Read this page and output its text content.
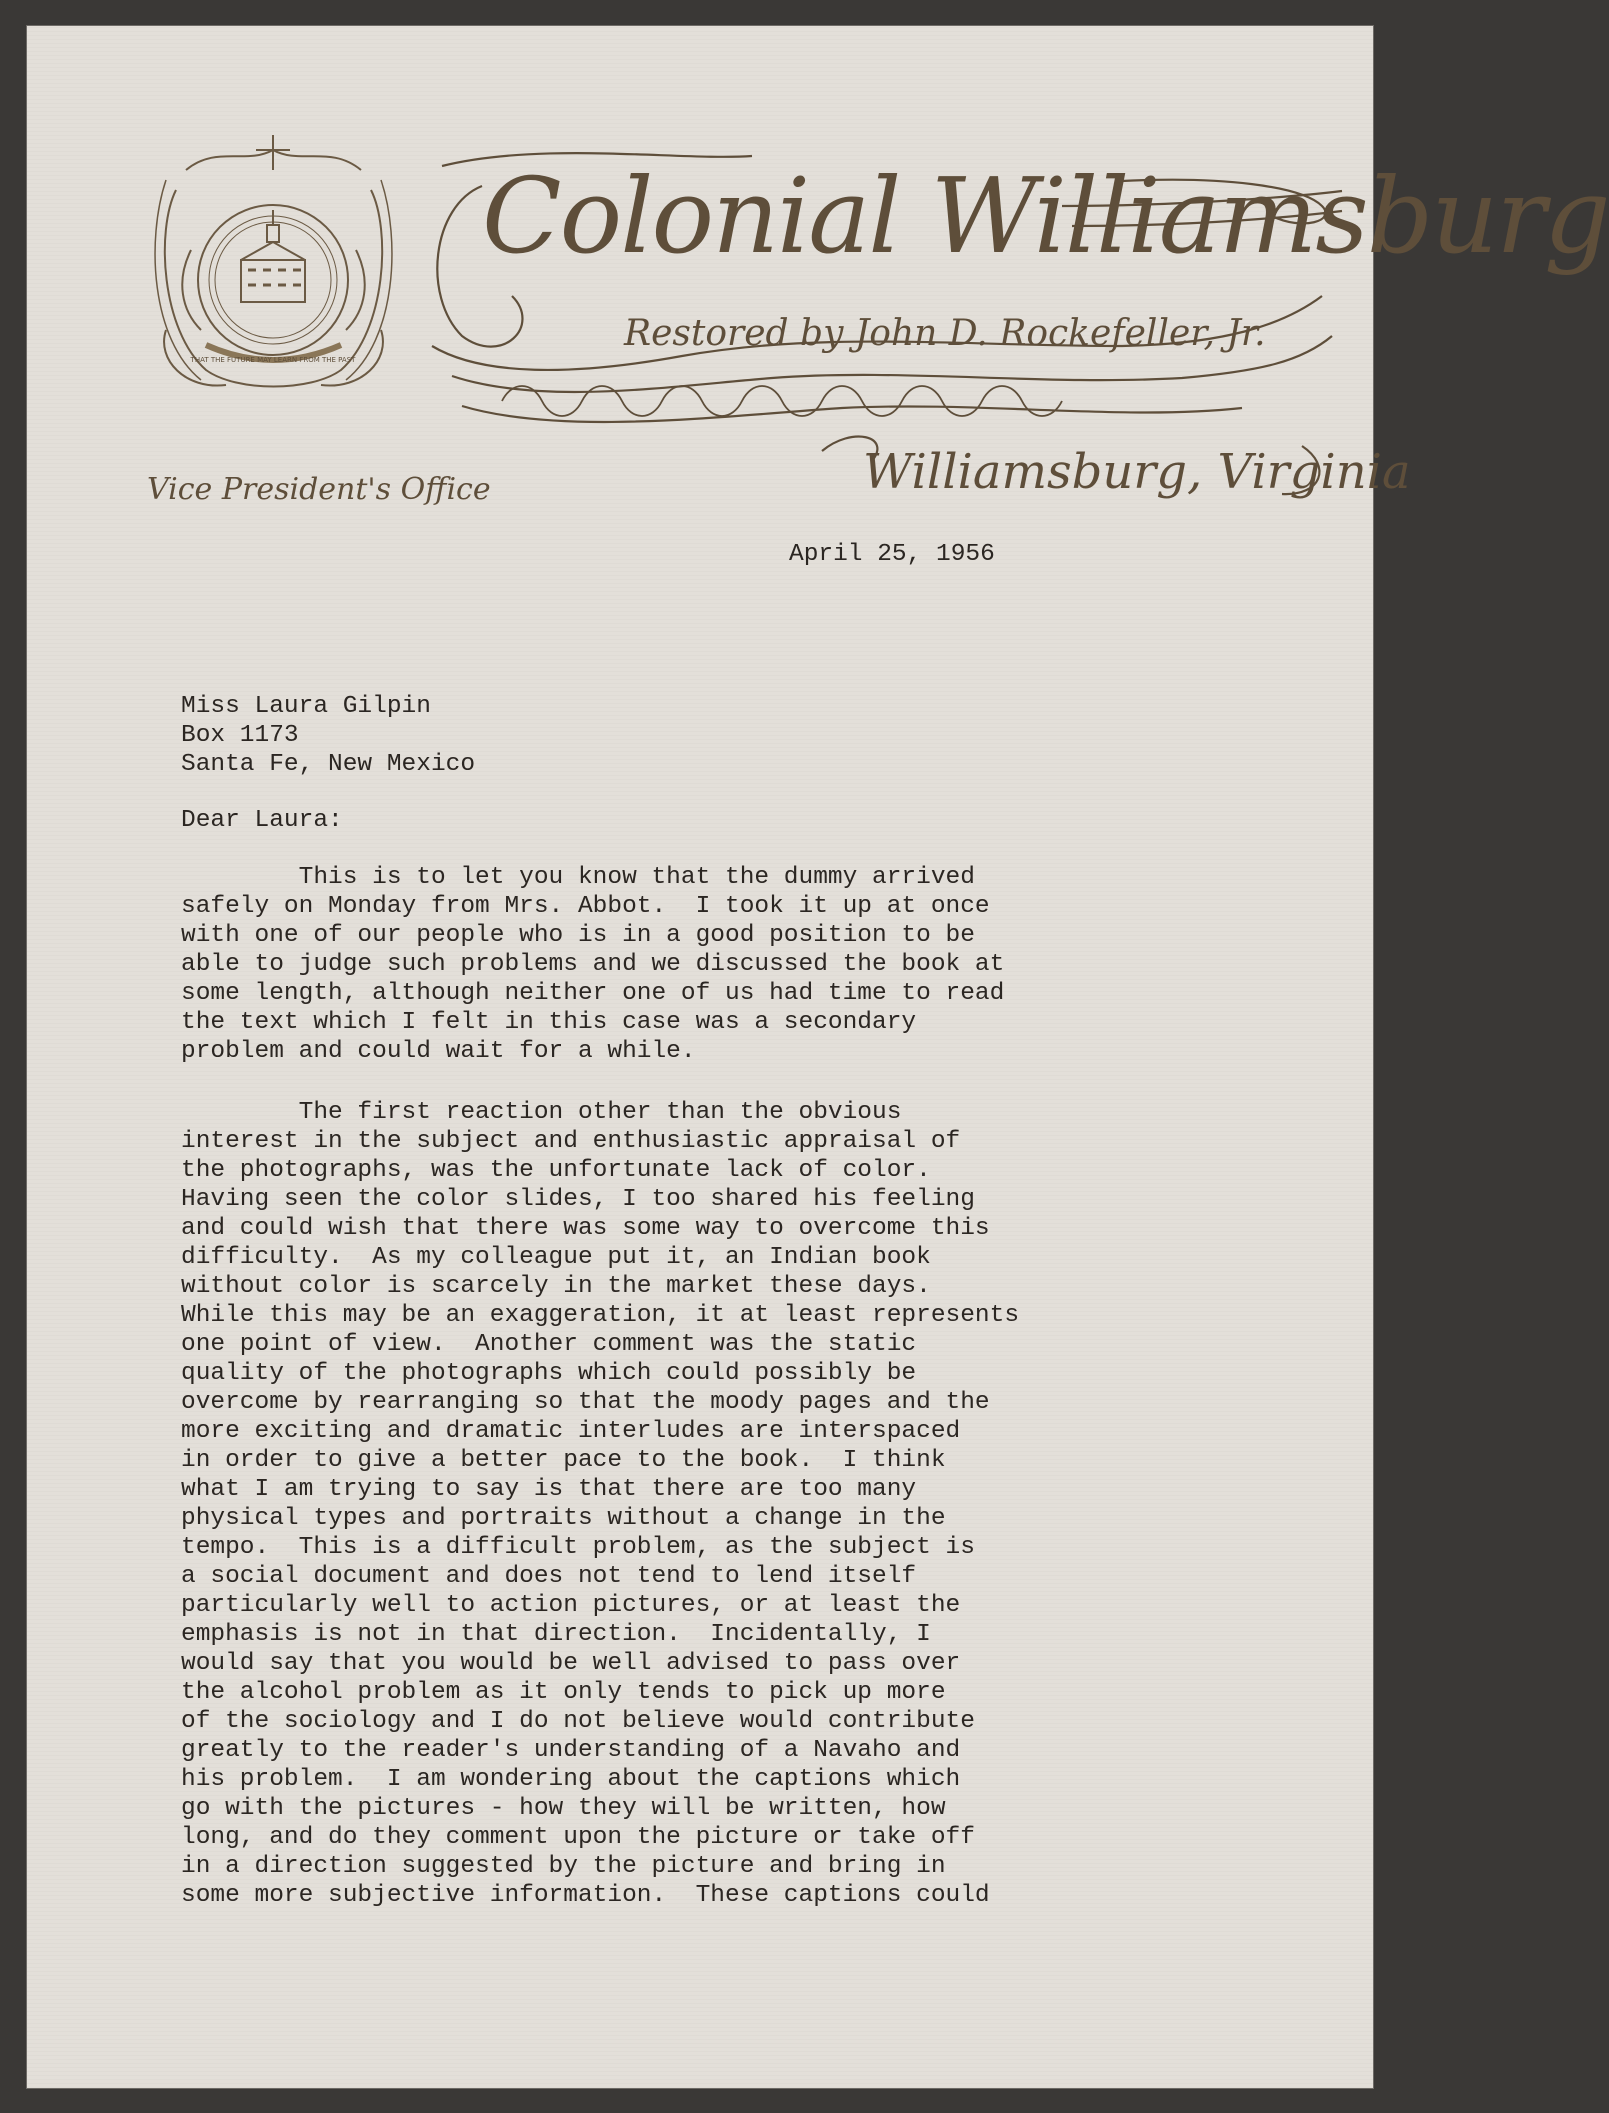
THAT THE FUTURE MAY LEARN FROM THE PAST
Colonial Williamsburg
Restored by John D. Rockefeller, Jr.
Williamsburg, Virginia
Vice President's Office
April 25, 1956
Miss Laura Gilpin
Box 1173
Santa Fe, New Mexico
Dear Laura:
This is to let you know that the dummy arrived
safely on Monday from Mrs. Abbot.  I took it up at once
with one of our people who is in a good position to be
able to judge such problems and we discussed the book at
some length, although neither one of us had time to read
the text which I felt in this case was a secondary
problem and could wait for a while.
The first reaction other than the obvious
interest in the subject and enthusiastic appraisal of
the photographs, was the unfortunate lack of color.
Having seen the color slides, I too shared his feeling
and could wish that there was some way to overcome this
difficulty.  As my colleague put it, an Indian book
without color is scarcely in the market these days.
While this may be an exaggeration, it at least represents
one point of view.  Another comment was the static
quality of the photographs which could possibly be
overcome by rearranging so that the moody pages and the
more exciting and dramatic interludes are interspaced
in order to give a better pace to the book.  I think
what I am trying to say is that there are too many
physical types and portraits without a change in the
tempo.  This is a difficult problem, as the subject is
a social document and does not tend to lend itself
particularly well to action pictures, or at least the
emphasis is not in that direction.  Incidentally, I
would say that you would be well advised to pass over
the alcohol problem as it only tends to pick up more
of the sociology and I do not believe would contribute
greatly to the reader's understanding of a Navaho and
his problem.  I am wondering about the captions which
go with the pictures - how they will be written, how
long, and do they comment upon the picture or take off
in a direction suggested by the picture and bring in
some more subjective information.  These captions could
